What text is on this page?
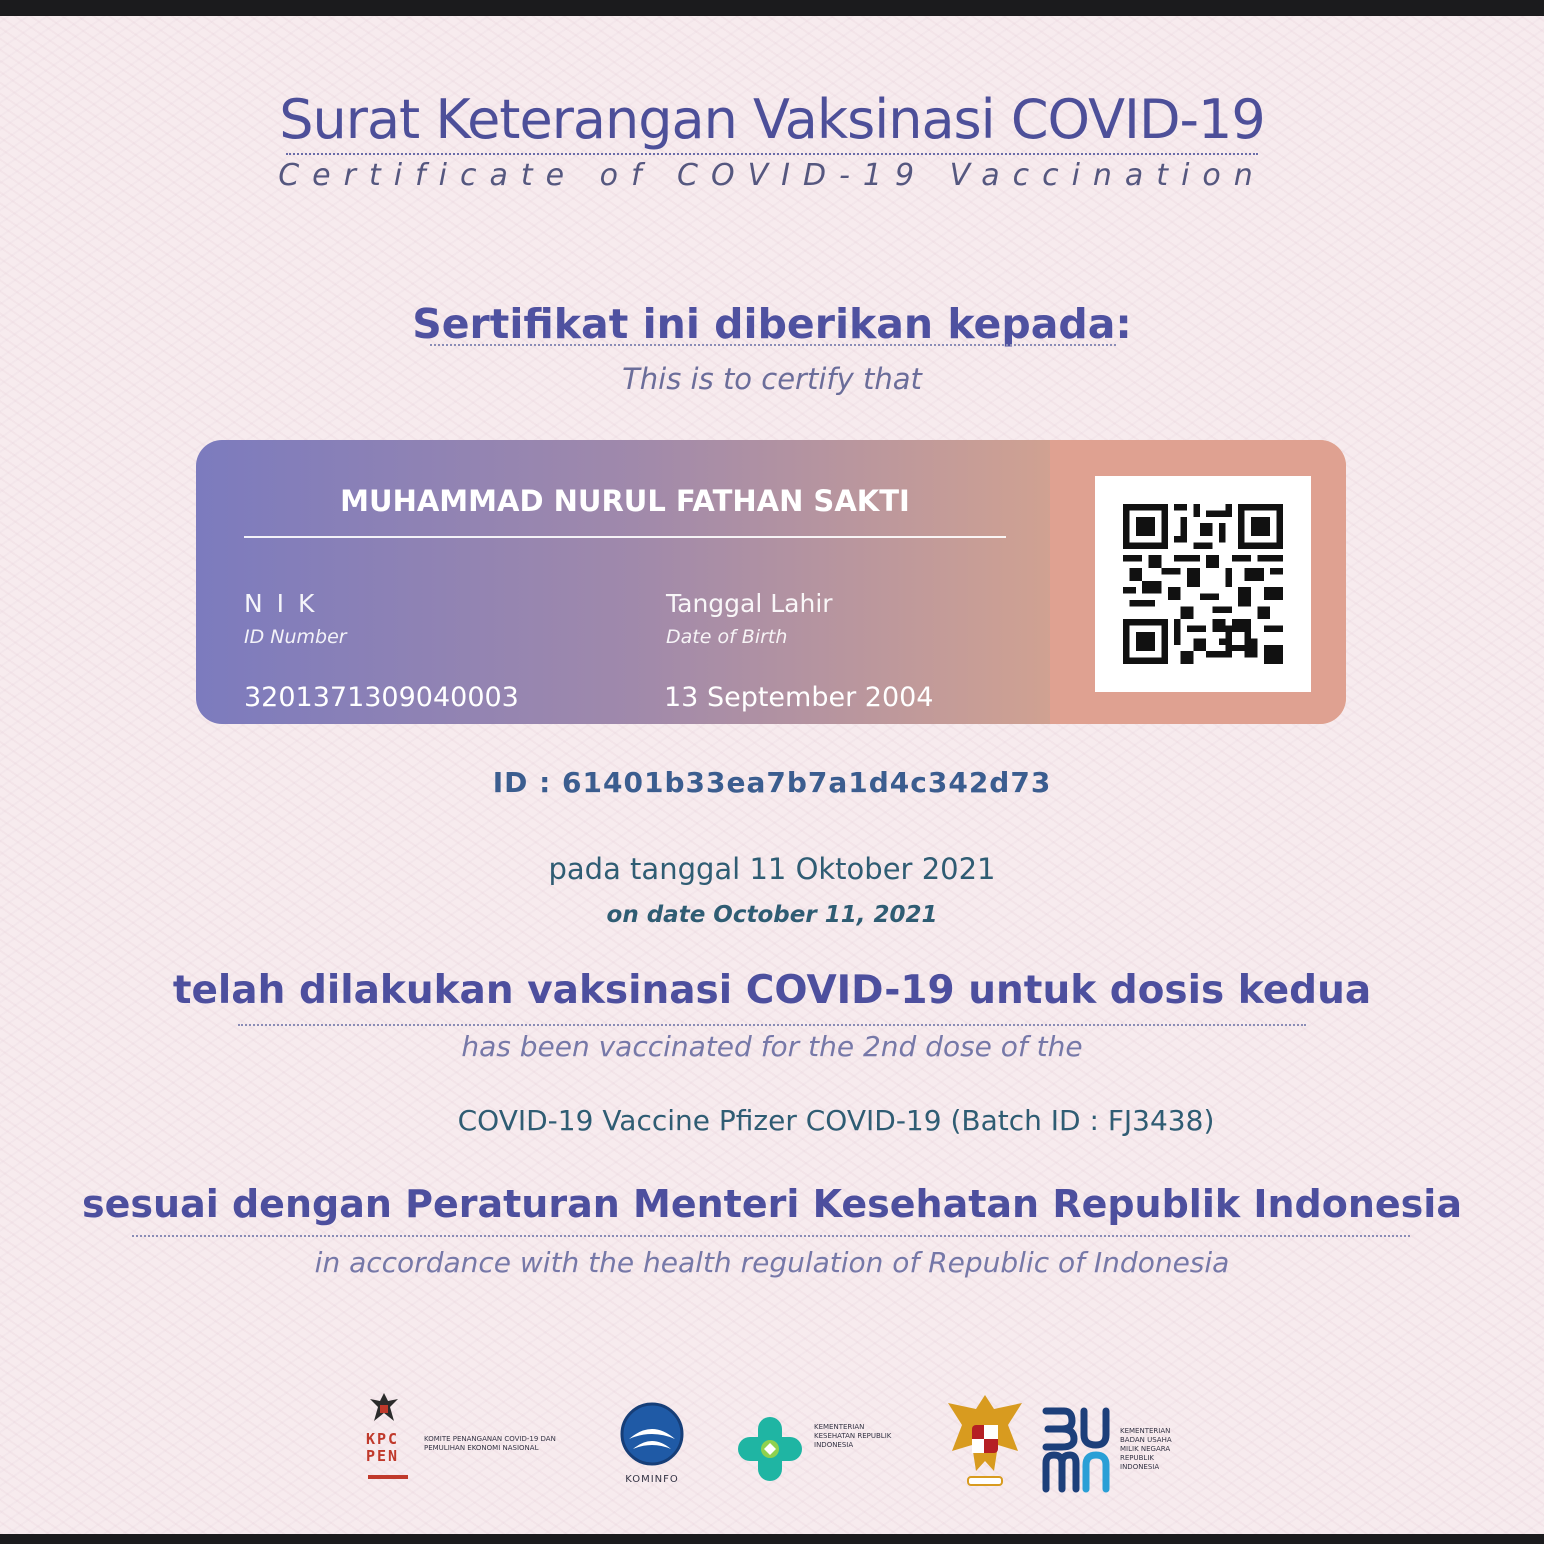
Surat Keterangan Vaksinasi COVID-19
Certificate of COVID-19 Vaccination
Sertifikat ini diberikan kepada:
This is to certify that
MUHAMMAD NURUL FATHAN SAKTI
N I K
ID Number
3201371309040003
Tanggal Lahir
Date of Birth
13 September 2004
ID : 61401b33ea7b7a1d4c342d73
pada tanggal 11 Oktober 2021
on date October 11, 2021
telah dilakukan vaksinasi COVID-19 untuk dosis kedua
has been vaccinated for the 2nd dose of the
COVID-19 Vaccine Pfizer COVID-19 (Batch ID : FJ3438)
sesuai dengan Peraturan Menteri Kesehatan Republik Indonesia
in accordance with the health regulation of Republic of Indonesia
KPC PEN
KOMITE PENANGANAN COVID-19 DAN PEMULIHAN EKONOMI NASIONAL
KOMINFO
KEMENTERIAN KESEHATAN REPUBLIK INDONESIA
KEMENTERIAN BADAN USAHA MILIK NEGARA REPUBLIK INDONESIA
